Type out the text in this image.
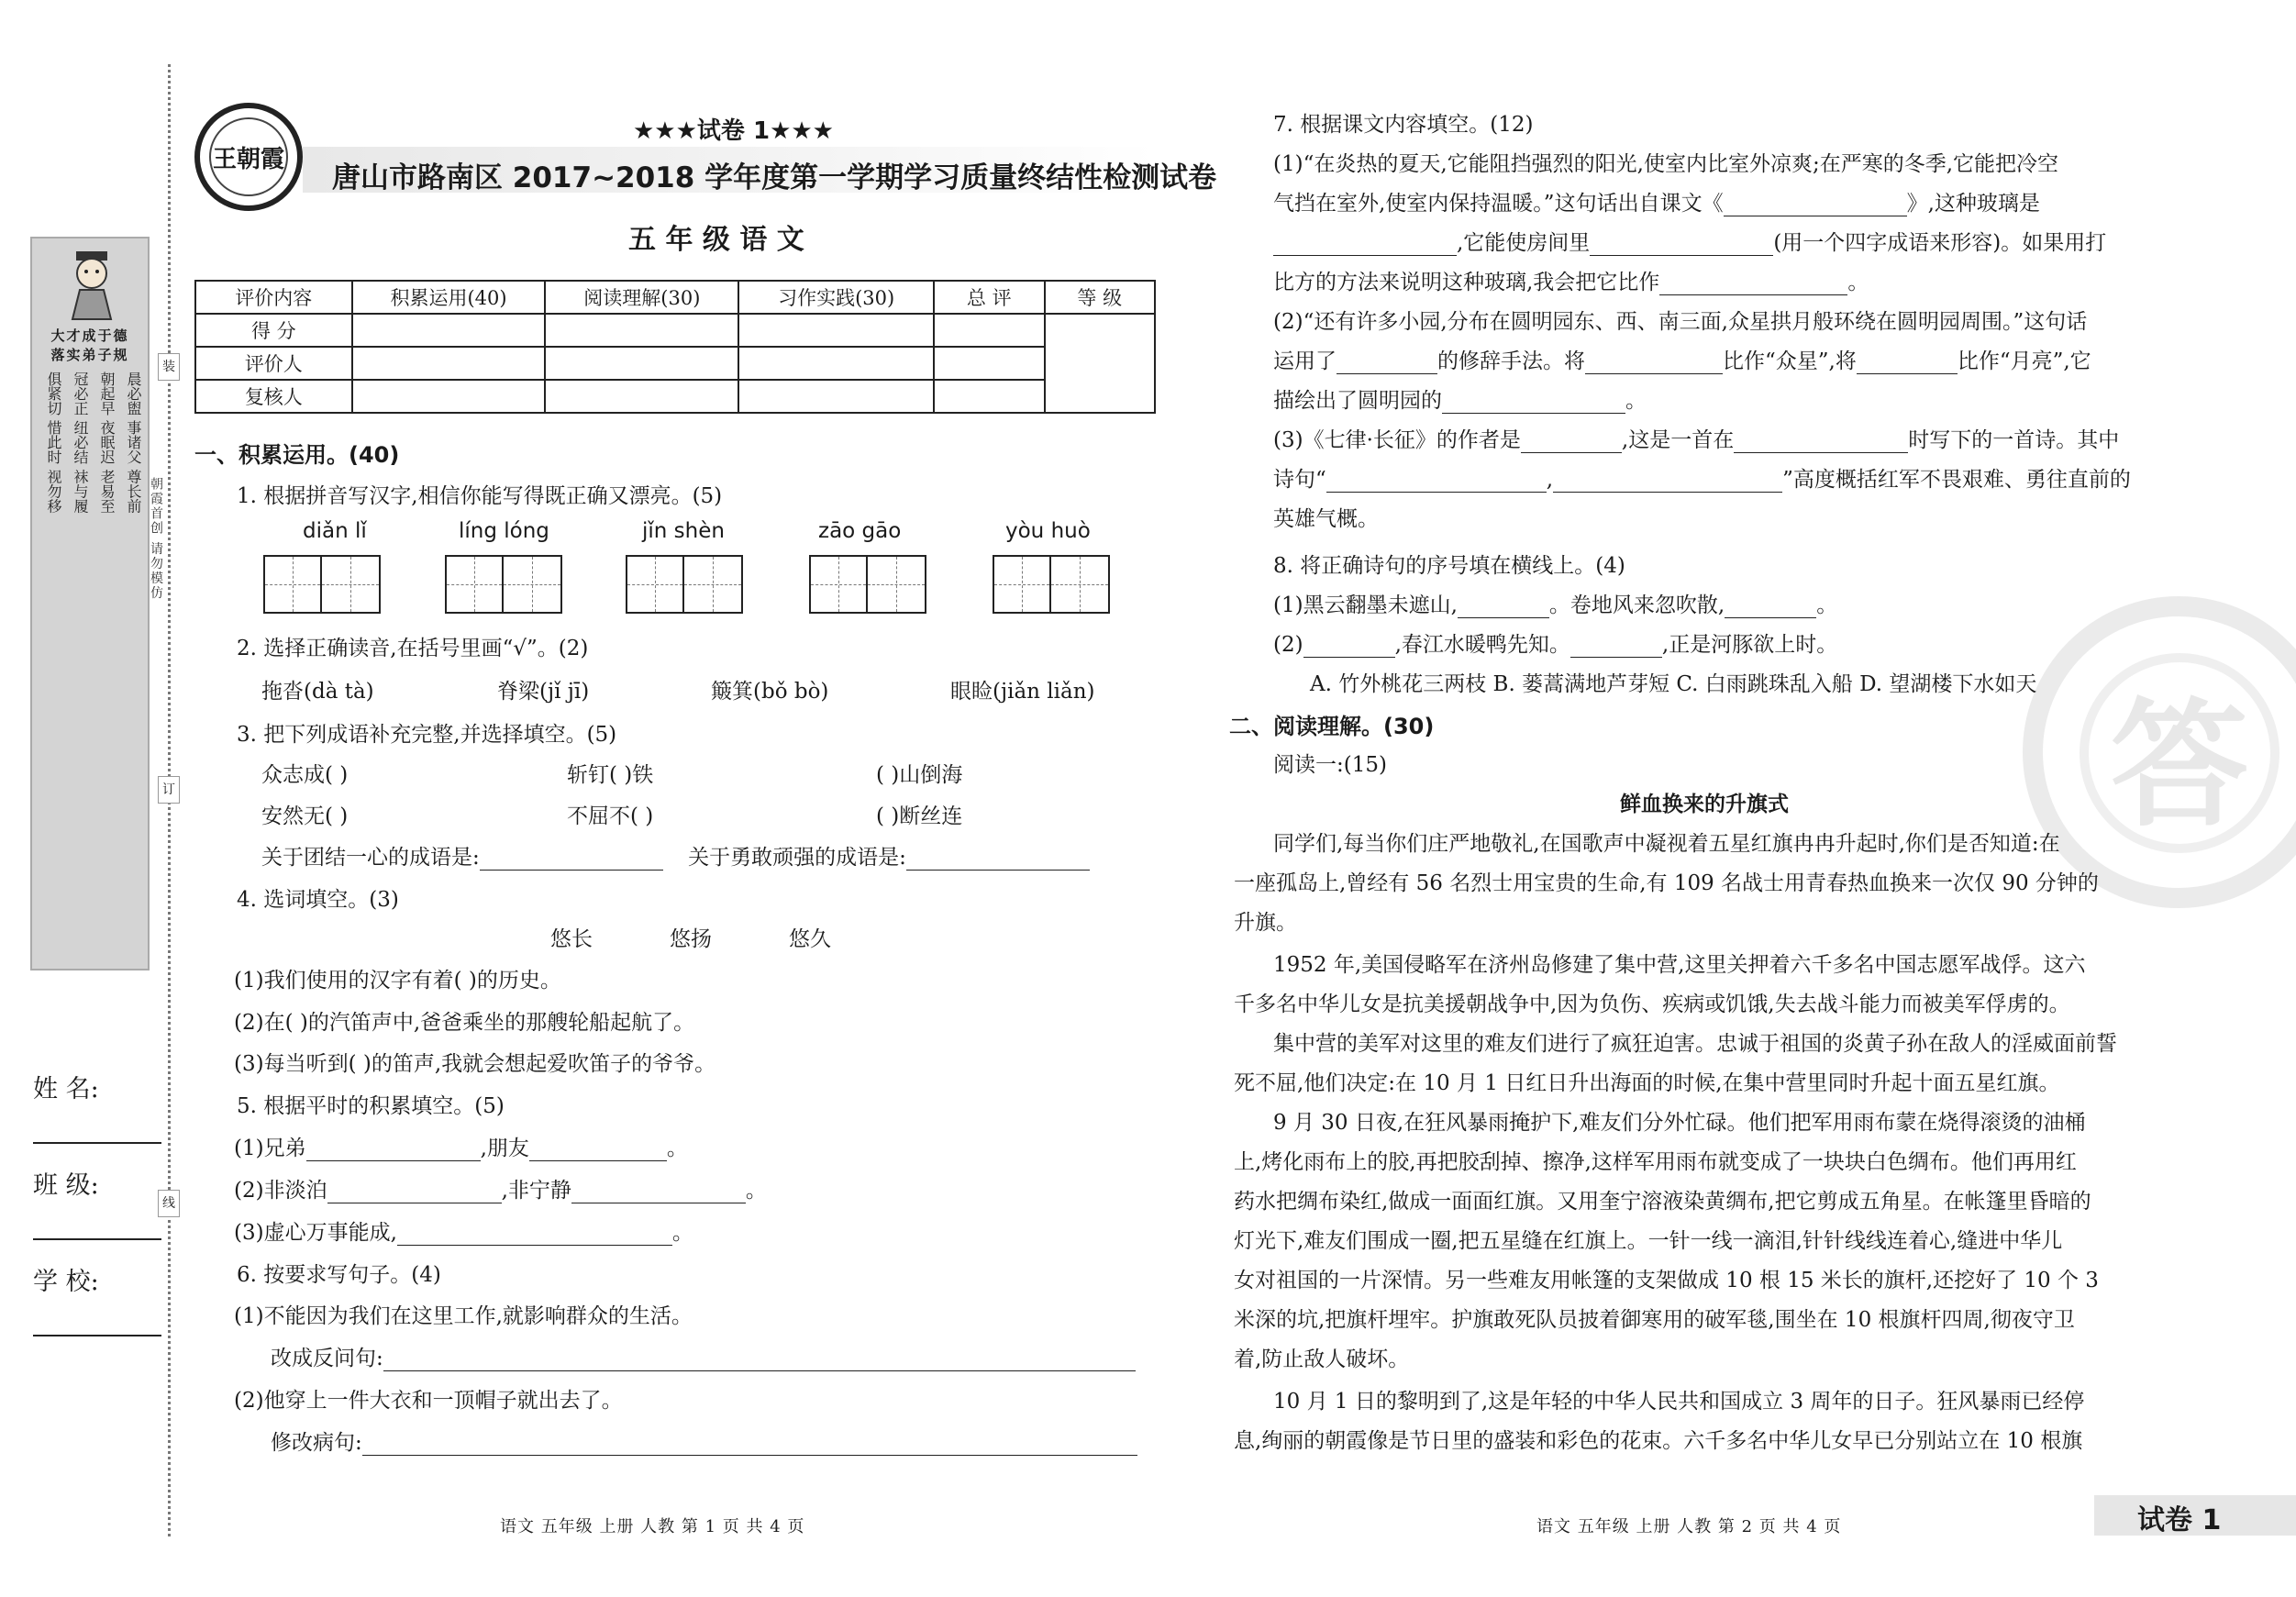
装
订
线
大才成于德
落实弟子规
晨必盥 事诸父 尊长前
朝起早 夜眠迟 老易至
冠必正 纽必结 袜与履
俱紧切 惜此时 视勿移
朝霞首创 请勿模仿
姓 名:
班 级:
学 校:
王朝霞
★★★试卷 1★★★
唐山市路南区 2017~2018 学年度第一学期学习质量终结性检测试卷
五 年 级 语 文
评价内容	积累运用(40)	阅读理解(30)	习作实践(30)	总 评	等 级
得 分					
评价人					
复核人					
一、积累运用。(40)
1. 根据拼音写汉字,相信你能写得既正确又漂亮。(5)
diǎn lǐ	líng lóng	jǐn shèn	zāo gāo	yòu huò
2. 选择正确读音,在括号里画“√”。(2)
拖沓(dà tà)	脊梁(jǐ jī)	簸箕(bǒ bò)	眼睑(jiǎn liǎn)
3. 把下列成语补充完整,并选择填空。(5)
众志成( )	斩钉( )铁	( )山倒海
安然无( )	不屈不( )	( )断丝连
关于团结一心的成语是:	关于勇敢顽强的成语是:
4. 选词填空。(3)
悠长	悠扬	悠久
(1)我们使用的汉字有着( )的历史。
(2)在( )的汽笛声中,爸爸乘坐的那艘轮船起航了。
(3)每当听到( )的笛声,我就会想起爱吹笛子的爷爷。
5. 根据平时的积累填空。(5)
(1)兄弟	,朋友	。
(2)非淡泊	,非宁静	。
(3)虚心万事能成,	。
6. 按要求写句子。(4)
(1)不能因为我们在这里工作,就影响群众的生活。
改成反问句:
(2)他穿上一件大衣和一顶帽子就出去了。
修改病句:
语文 五年级 上册 人教 第 1 页 共 4 页
答
7. 根据课文内容填空。(12)
(1)“在炎热的夏天,它能阻挡强烈的阳光,使室内比室外凉爽;在严寒的冬季,它能把冷空
气挡在室外,使室内保持温暖。”这句话出自课文《	》,这种玻璃是
,它能使房间里	(用一个四字成语来形容)。如果用打
比方的方法来说明这种玻璃,我会把它比作	。
(2)“还有许多小园,分布在圆明园东、西、南三面,众星拱月般环绕在圆明园周围。”这句话
运用了	的修辞手法。将	比作“众星”,将	比作“月亮”,它
描绘出了圆明园的	。
(3)《七律·长征》的作者是	,这是一首在	时写下的一首诗。其中
诗句“	,	”高度概括红军不畏艰难、勇往直前的
英雄气概。
8. 将正确诗句的序号填在横线上。(4)
(1)黑云翻墨未遮山,	。卷地风来忽吹散,	。
(2)	,春江水暖鸭先知。	,正是河豚欲上时。
A. 竹外桃花三两枝 B. 蒌蒿满地芦芽短 C. 白雨跳珠乱入船 D. 望湖楼下水如天
二、阅读理解。(30)
阅读一:(15)
鲜血换来的升旗式
同学们,每当你们庄严地敬礼,在国歌声中凝视着五星红旗冉冉升起时,你们是否知道:在
一座孤岛上,曾经有 56 名烈士用宝贵的生命,有 109 名战士用青春热血换来一次仅 90 分钟的
升旗。
1952 年,美国侵略军在济州岛修建了集中营,这里关押着六千多名中国志愿军战俘。这六
千多名中华儿女是抗美援朝战争中,因为负伤、疾病或饥饿,失去战斗能力而被美军俘虏的。
集中营的美军对这里的难友们进行了疯狂迫害。忠诚于祖国的炎黄子孙在敌人的淫威面前誓
死不屈,他们决定:在 10 月 1 日红日升出海面的时候,在集中营里同时升起十面五星红旗。
9 月 30 日夜,在狂风暴雨掩护下,难友们分外忙碌。他们把军用雨布蒙在烧得滚烫的油桶
上,烤化雨布上的胶,再把胶刮掉、擦净,这样军用雨布就变成了一块块白色绸布。他们再用红
药水把绸布染红,做成一面面红旗。又用奎宁溶液染黄绸布,把它剪成五角星。在帐篷里昏暗的
灯光下,难友们围成一圈,把五星缝在红旗上。一针一线一滴泪,针针线线连着心,缝进中华儿
女对祖国的一片深情。另一些难友用帐篷的支架做成 10 根 15 米长的旗杆,还挖好了 10 个 3
米深的坑,把旗杆埋牢。护旗敢死队员披着御寒用的破军毯,围坐在 10 根旗杆四周,彻夜守卫
着,防止敌人破坏。
10 月 1 日的黎明到了,这是年轻的中华人民共和国成立 3 周年的日子。狂风暴雨已经停
息,绚丽的朝霞像是节日里的盛装和彩色的花束。六千多名中华儿女早已分别站立在 10 根旗
语文 五年级 上册 人教 第 2 页 共 4 页	试卷 1
